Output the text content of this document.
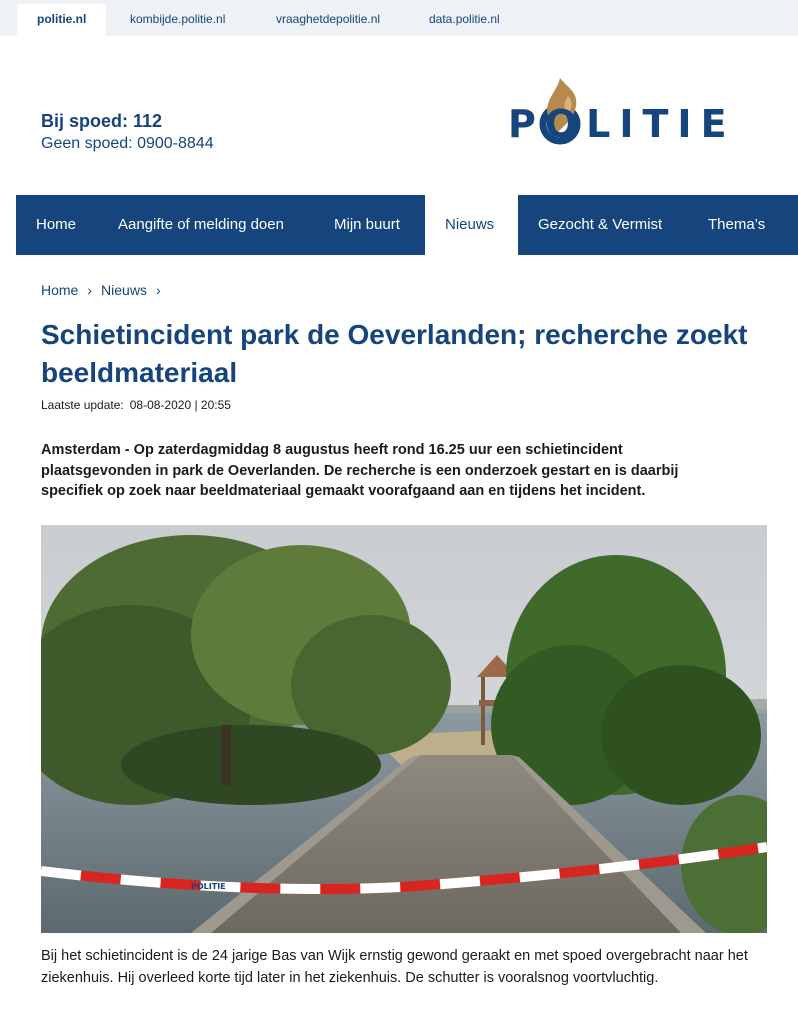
politie.nl	kombijde.politie.nl	vraaghetdepolitie.nl	data.politie.nl
Bij spoed: 112
Geen spoed: 0900-8844	POLITIE
Home	Aangifte of melding doen	Mijn buurt	Nieuws	Gezocht & Vermist	Thema’s
Home › Nieuws ›
Schietincident park de Oeverlanden; recherche zoekt beeldmateriaal
Laatste update: 08-08-2020 | 20:55

Amsterdam - Op zaterdagmiddag 8 augustus heeft rond 16.25 uur een schietincident plaatsgevonden in park de Oeverlanden. De recherche is een onderzoek gestart en is daarbij specifiek op zoek naar beeldmateriaal gemaakt voorafgaand aan en tijdens het incident.

POLITIE

Bij het schietincident is de 24 jarige Bas van Wijk ernstig gewond geraakt en met spoed overgebracht naar het ziekenhuis. Hij overleed korte tijd later in het ziekenhuis. De schutter is vooralsnog voortvluchtig.
